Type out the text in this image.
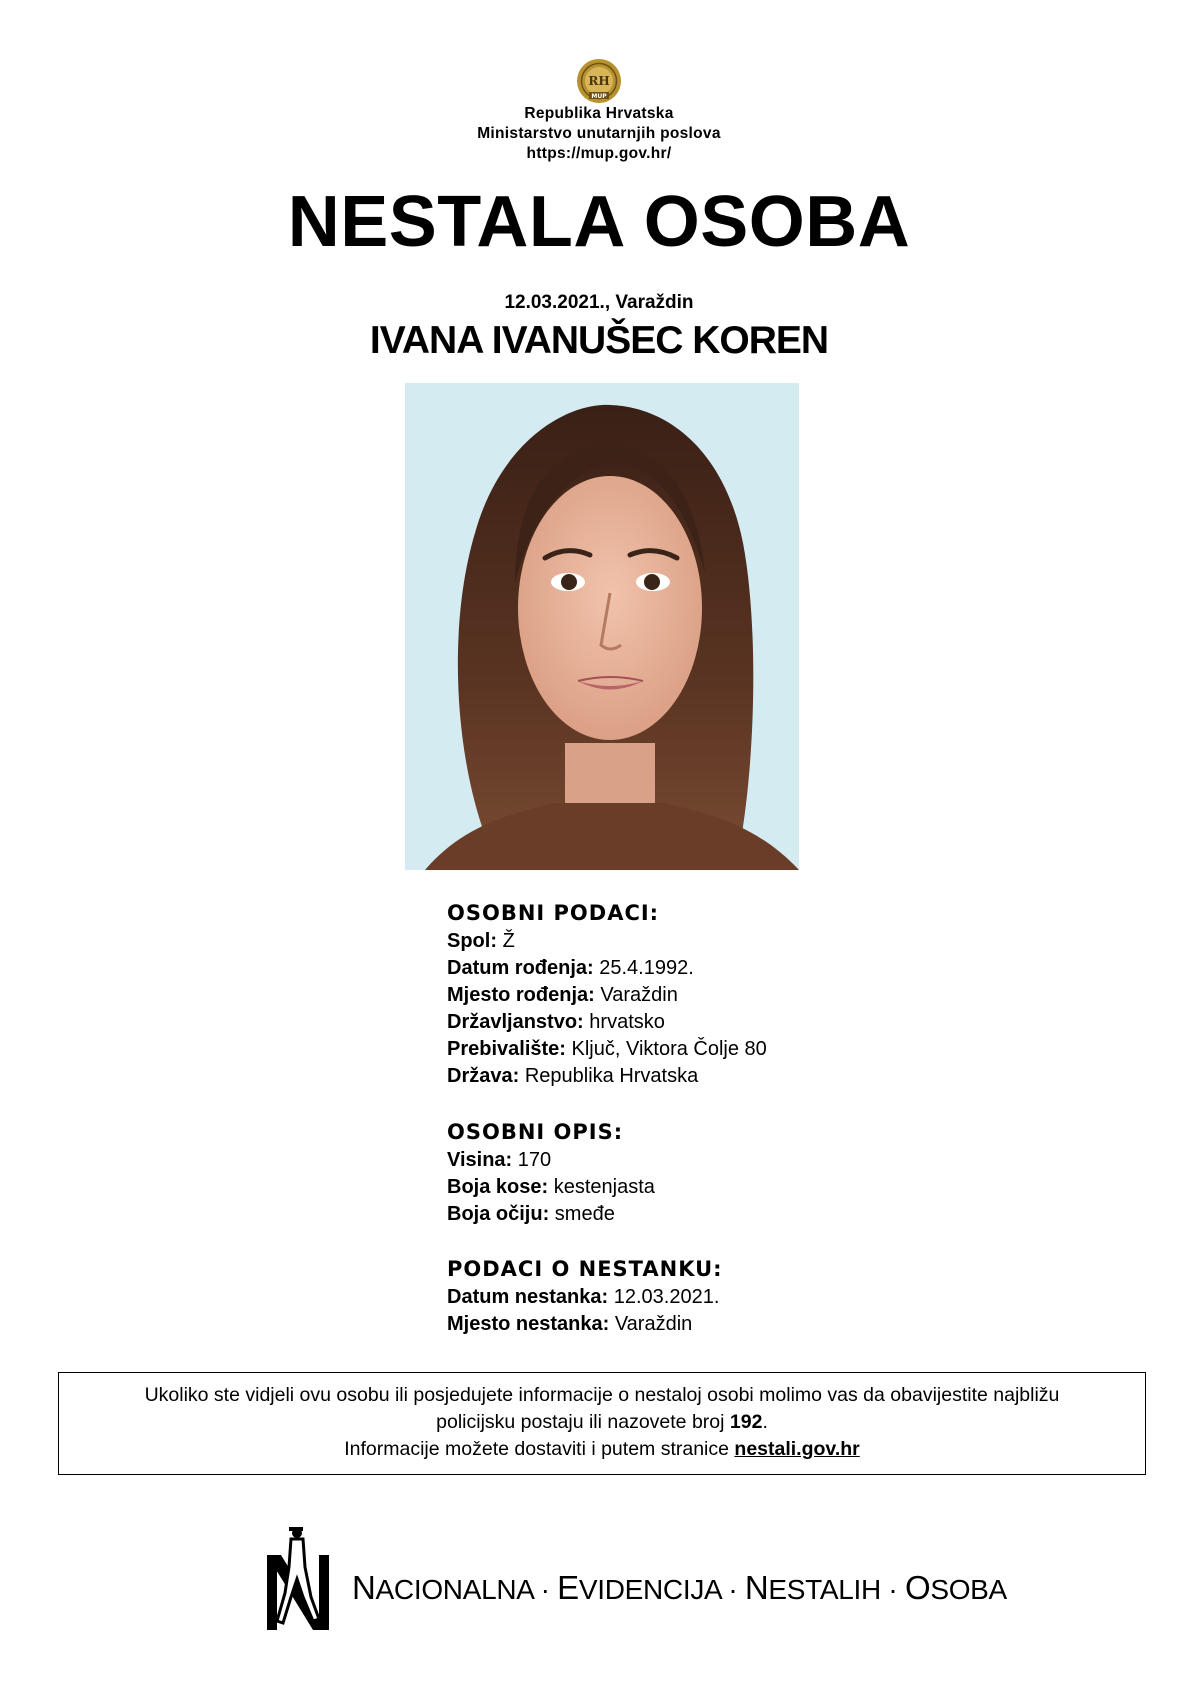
RH
MUP
Republika Hrvatska
Ministarstvo unutarnjih poslova
https://mup.gov.hr/
NESTALA OSOBA
12.03.2021., Varaždin
IVANA IVANUŠEC KOREN
OSOBNI PODACI:
Spol: Ž
Datum rođenja: 25.4.1992.
Mjesto rođenja: Varaždin
Državljanstvo: hrvatsko
Prebivalište: Ključ, Viktora Čolje 80
Država: Republika Hrvatska
OSOBNI OPIS:
Visina: 170
Boja kose: kestenjasta
Boja očiju: smeđe
PODACI O NESTANKU:
Datum nestanka: 12.03.2021.
Mjesto nestanka: Varaždin
Ukoliko ste vidjeli ovu osobu ili posjedujete informacije o nestaloj osobi molimo vas da obavijestite najbližu
policijsku postaju ili nazovete broj 192.
Informacije možete dostaviti i putem stranice nestali.gov.hr
NACIONALNA · EVIDENCIJA · NESTALIH · OSOBA
